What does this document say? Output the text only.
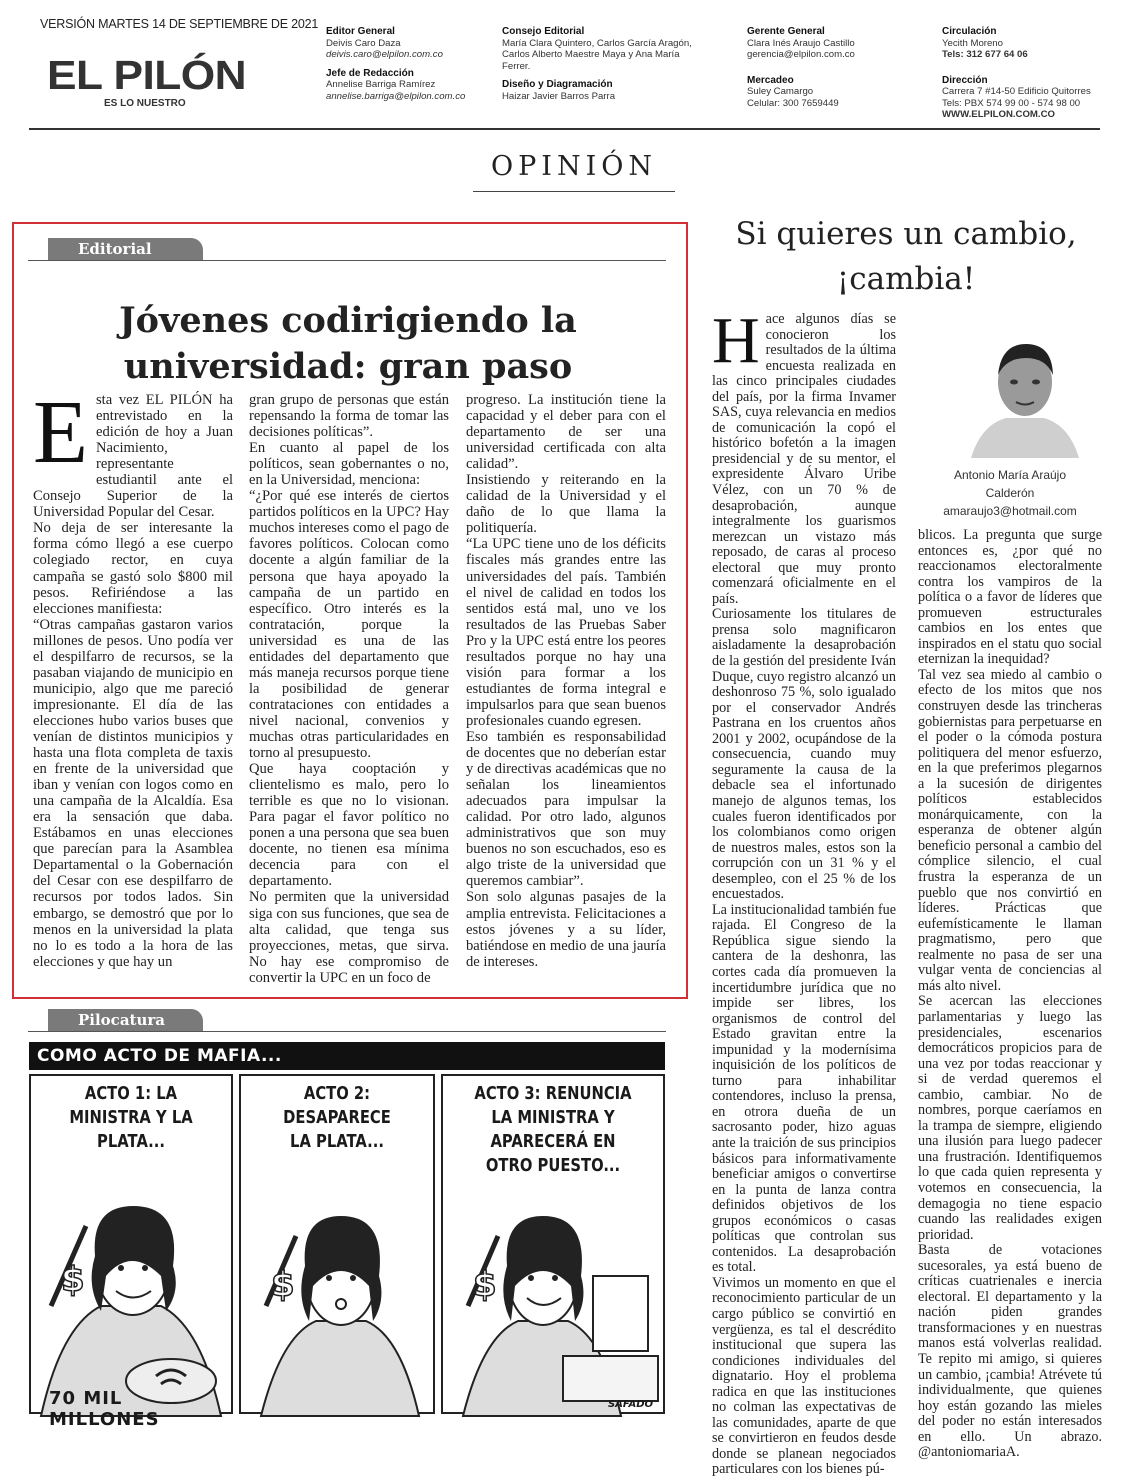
VERSIÓN MARTES 14 DE SEPTIEMBRE DE 2021
EL PILÓN
ES LO NUESTRO
Editor General
Deivis Caro Daza
deivis.caro@elpilon.com.co
Jefe de Redacción
Annelise Barriga Ramírez
annelise.barriga@elpilon.com.co
Consejo Editorial
María Clara Quintero, Carlos García Aragón,
Carlos Alberto Maestre Maya y Ana María
Ferrer.
Diseño y Diagramación
Haizar Javier Barros Parra
Gerente General
Clara Inés Araujo Castillo
gerencia@elpilon.com.co
Mercadeo
Suley Camargo
Celular: 300 7659449
Circulación
Yecith Moreno
Tels: 312 677 64 06
Dirección
Carrera 7 #14-50 Edificio Quitorres
Tels: PBX 574 99 00 - 574 98 00
WWW.ELPILON.COM.CO
OPINIÓN
Editorial
Jóvenes codirigiendo la universidad: gran paso
E sta vez EL PILÓN ha entrevistado en la edición de hoy a Juan Nacimiento, representante estudiantil ante el Consejo Superior de la Universidad Popular del Cesar.

No deja de ser interesante la forma cómo llegó a ese cuerpo colegiado rector, en cuya campaña se gastó solo $800 mil pesos. Refiriéndose a las elecciones manifiesta:

“Otras campañas gastaron varios millones de pesos. Uno podía ver el despilfarro de recursos, se la pasaban viajando de municipio en municipio, algo que me pareció impresionante. El día de las elecciones hubo varios buses que venían de distintos municipios y hasta una flota completa de taxis en frente de la universidad que iban y venían con logos como en una campaña de la Alcaldía. Esa era la sensación que daba. Estábamos en unas elecciones que parecían para la Asamblea Departamental o la Gobernación del Cesar con ese despilfarro de recursos por todos lados. Sin embargo, se demostró que por lo menos en la universidad la plata no lo es todo a la hora de las elecciones y que hay un

gran grupo de personas que están repensando la forma de tomar las decisiones políticas”.

En cuanto al papel de los políticos, sean gobernantes o no, en la Universidad, menciona:

“¿Por qué ese interés de ciertos partidos políticos en la UPC? Hay muchos intereses como el pago de favores políticos. Colocan como docente a algún familiar de la persona que haya apoyado la campaña de un partido en específico. Otro interés es la contratación, porque la universidad es una de las entidades del departamento que más maneja recursos porque tiene la posibilidad de generar contrataciones con entidades a nivel nacional, convenios y muchas otras particularidades en torno al presupuesto.

Que haya cooptación y clientelismo es malo, pero lo terrible es que no lo visionan. Para pagar el favor político no ponen a una persona que sea buen docente, no tienen esa mínima decencia para con el departamento.

No permiten que la universidad siga con sus funciones, que sea de alta calidad, que tenga sus proyecciones, metas, que sirva. No hay ese compromiso de convertir la UPC en un foco de

progreso. La institución tiene la capacidad y el deber para con el departamento de ser una universidad certificada con alta calidad”.

Insistiendo y reiterando en la calidad de la Universidad y el daño de lo que llama la politiquería.

“La UPC tiene uno de los déficits fiscales más grandes entre las universidades del país. También el nivel de calidad en todos los sentidos está mal, uno ve los resultados de las Pruebas Saber Pro y la UPC está entre los peores resultados porque no hay una visión para formar a los estudiantes de forma integral e impulsarlos para que sean buenos profesionales cuando egresen.

Eso también es responsabilidad de docentes que no deberían estar y de directivas académicas que no señalan los lineamientos adecuados para impulsar la calidad. Por otro lado, algunos administrativos que son muy buenos no son escuchados, eso es algo triste de la universidad que queremos cambiar”.

Son solo algunas pasajes de la amplia entrevista. Felicitaciones a estos jóvenes y a su líder, batiéndose en medio de una jauría de intereses.

Pilocatura
COMO ACTO DE MAFIA...
$
ACTO 1: LA MINISTRA Y LA PLATA...
70 MIL MILLONES
$
ACTO 2: DESAPARECE LA PLATA...
$
ACTO 3: RENUNCIA LA MINISTRA Y APARECERÁ EN OTRO PUESTO...
SAFADO
Si quieres un cambio, ¡cambia!
Antonio María Araújo
Calderón
amaraujo3@hotmail.com
H ace algunos días se conocieron los resultados de la última encuesta realizada en las cinco principales ciudades del país, por la firma Invamer SAS, cuya relevancia en medios de comunicación la copó el histórico bofetón a la imagen presidencial y de su mentor, el expresidente Álvaro Uribe Vélez, con un 70 % de desaprobación, aunque integralmente los guarismos merezcan un vistazo más reposado, de caras al proceso electoral que muy pronto comenzará oficialmente en el país.

Curiosamente los titulares de prensa solo magnificaron aisladamente la desaprobación de la gestión del presidente Iván Duque, cuyo registro alcanzó un deshonroso 75 %, solo igualado por el conservador Andrés Pastrana en los cruentos años 2001 y 2002, ocupándose de la consecuencia, cuando muy seguramente la causa de la debacle sea el infortunado manejo de algunos temas, los cuales fueron identificados por los colombianos como origen de nuestros males, estos son la corrupción con un 31 % y el desempleo, con el 25 % de los encuestados.

La institucionalidad también fue rajada. El Congreso de la República sigue siendo la cantera de la deshonra, las cortes cada día promueven la incertidumbre jurídica que no impide ser libres, los organismos de control del Estado gravitan entre la impunidad y la modernísima inquisición de los políticos de turno para inhabilitar contendores, incluso la prensa, en otrora dueña de un sacrosanto poder, hizo aguas ante la traición de sus principios básicos para informativamente beneficiar amigos o convertirse en la punta de lanza contra definidos objetivos de los grupos económicos o casas políticas que controlan sus contenidos. La desaprobación es total.

Vivimos un momento en que el reconocimiento particular de un cargo público se convirtió en vergüenza, es tal el descrédito institucional que supera las condiciones individuales del dignatario. Hoy el problema radica en que las instituciones no colman las expectativas de las comunidades, aparte de que se convirtieron en feudos desde donde se planean negociados particulares con los bienes pú-

blicos. La pregunta que surge entonces es, ¿por qué no reaccionamos electoralmente contra los vampiros de la política o a favor de líderes que promueven estructurales cambios en los entes que inspirados en el statu quo social eternizan la inequidad?

Tal vez sea miedo al cambio o efecto de los mitos que nos construyen desde las trincheras gobiernistas para perpetuarse en el poder o la cómoda postura politiquera del menor esfuerzo, en la que preferimos plegarnos a la sucesión de dirigentes políticos establecidos monárquicamente, con la esperanza de obtener algún beneficio personal a cambio del cómplice silencio, el cual frustra la esperanza de un pueblo que nos convirtió en líderes. Prácticas que eufemísticamente le llaman pragmatismo, pero que realmente no pasa de ser una vulgar venta de conciencias al más alto nivel.

Se acercan las elecciones parlamentarias y luego las presidenciales, escenarios democráticos propicios para de una vez por todas reaccionar y si de verdad queremos el cambio, cambiar. No de nombres, porque caeríamos en la trampa de siempre, eligiendo una ilusión para luego padecer una frustración. Identifiquemos lo que cada quien representa y votemos en consecuencia, la demagogia no tiene espacio cuando las realidades exigen prioridad.

Basta de votaciones sucesorales, ya está bueno de críticas cuatrienales e inercia electoral. El departamento y la nación piden grandes transformaciones y en nuestras manos está volverlas realidad. Te repito mi amigo, si quieres un cambio, ¡cambia! Atrévete tú individualmente, que quienes hoy están gozando las mieles del poder no están interesados en ello. Un abrazo. @antoniomariaA.
